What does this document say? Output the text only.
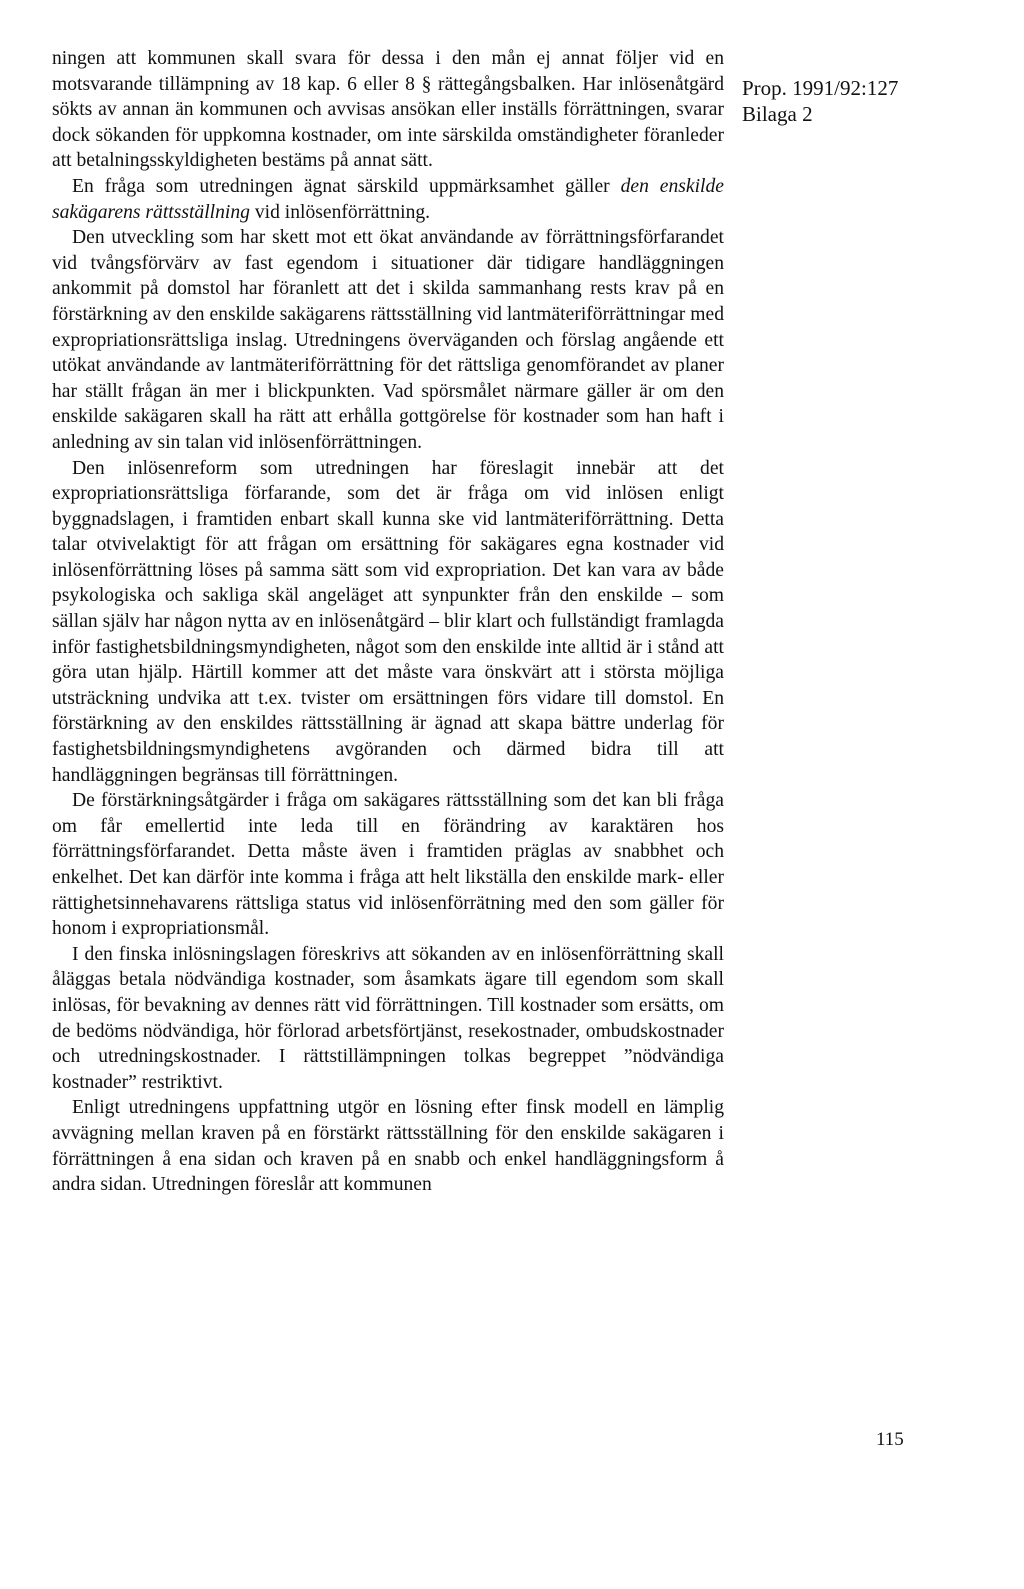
ningen att kommunen skall svara för dessa i den mån ej annat följer vid en motsvarande tillämpning av 18 kap. 6 eller 8 § rättegångsbalken. Har inlösenåtgärd sökts av annan än kommunen och avvisas ansökan eller inställs förrättningen, svarar dock sökanden för uppkomna kostnader, om inte särskilda omständigheter föranleder att betalningsskyldigheten bestäms på annat sätt.

En fråga som utredningen ägnat särskild uppmärksamhet gäller den enskilde sakägarens rättsställning vid inlösenförrättning.

Den utveckling som har skett mot ett ökat användande av förrättningsförfarandet vid tvångsförvärv av fast egendom i situationer där tidigare handläggningen ankommit på domstol har föranlett att det i skilda sammanhang rests krav på en förstärkning av den enskilde sakägarens rättsställning vid lantmäteriförrättningar med expropriationsrättsliga inslag. Utredningens överväganden och förslag angående ett utökat användande av lantmäteriförrättning för det rättsliga genomförandet av planer har ställt frågan än mer i blickpunkten. Vad spörsmålet närmare gäller är om den enskilde sakägaren skall ha rätt att erhålla gottgörelse för kostnader som han haft i anledning av sin talan vid inlösenförrättningen.

Den inlösenreform som utredningen har föreslagit innebär att det expropriationsrättsliga förfarande, som det är fråga om vid inlösen enligt byggnadslagen, i framtiden enbart skall kunna ske vid lantmäteriförrättning. Detta talar otvivelaktigt för att frågan om ersättning för sakägares egna kostnader vid inlösenförrättning löses på samma sätt som vid expropriation. Det kan vara av både psykologiska och sakliga skäl angeläget att synpunkter från den enskilde – som sällan själv har någon nytta av en inlösenåtgärd – blir klart och fullständigt framlagda inför fastighetsbildningsmyndigheten, något som den enskilde inte alltid är i stånd att göra utan hjälp. Härtill kommer att det måste vara önskvärt att i största möjliga utsträckning undvika att t.ex. tvister om ersättningen förs vidare till domstol. En förstärkning av den enskildes rättsställning är ägnad att skapa bättre underlag för fastighetsbildningsmyndighetens avgöranden och därmed bidra till att handläggningen begränsas till förrättningen.

De förstärkningsåtgärder i fråga om sakägares rättsställning som det kan bli fråga om får emellertid inte leda till en förändring av karaktären hos förrättningsförfarandet. Detta måste även i framtiden präglas av snabbhet och enkelhet. Det kan därför inte komma i fråga att helt likställa den enskilde mark- eller rättighetsinnehavarens rättsliga status vid inlösenförrätning med den som gäller för honom i expropriationsmål.

I den finska inlösningslagen föreskrivs att sökanden av en inlösenförrättning skall åläggas betala nödvändiga kostnader, som åsamkats ägare till egendom som skall inlösas, för bevakning av dennes rätt vid förrättningen. Till kostnader som ersätts, om de bedöms nödvändiga, hör förlorad arbetsförtjänst, resekostnader, ombudskostnader och utredningskostnader. I rättstillämpningen tolkas begreppet ”nödvändiga kostnader” restriktivt.

Enligt utredningens uppfattning utgör en lösning efter finsk modell en lämplig avvägning mellan kraven på en förstärkt rättsställning för den enskilde sakägaren i förrättningen å ena sidan och kraven på en snabb och enkel handläggningsform å andra sidan. Utredningen föreslår att kommunen

Prop. 1991/92:127
Bilaga 2
115
